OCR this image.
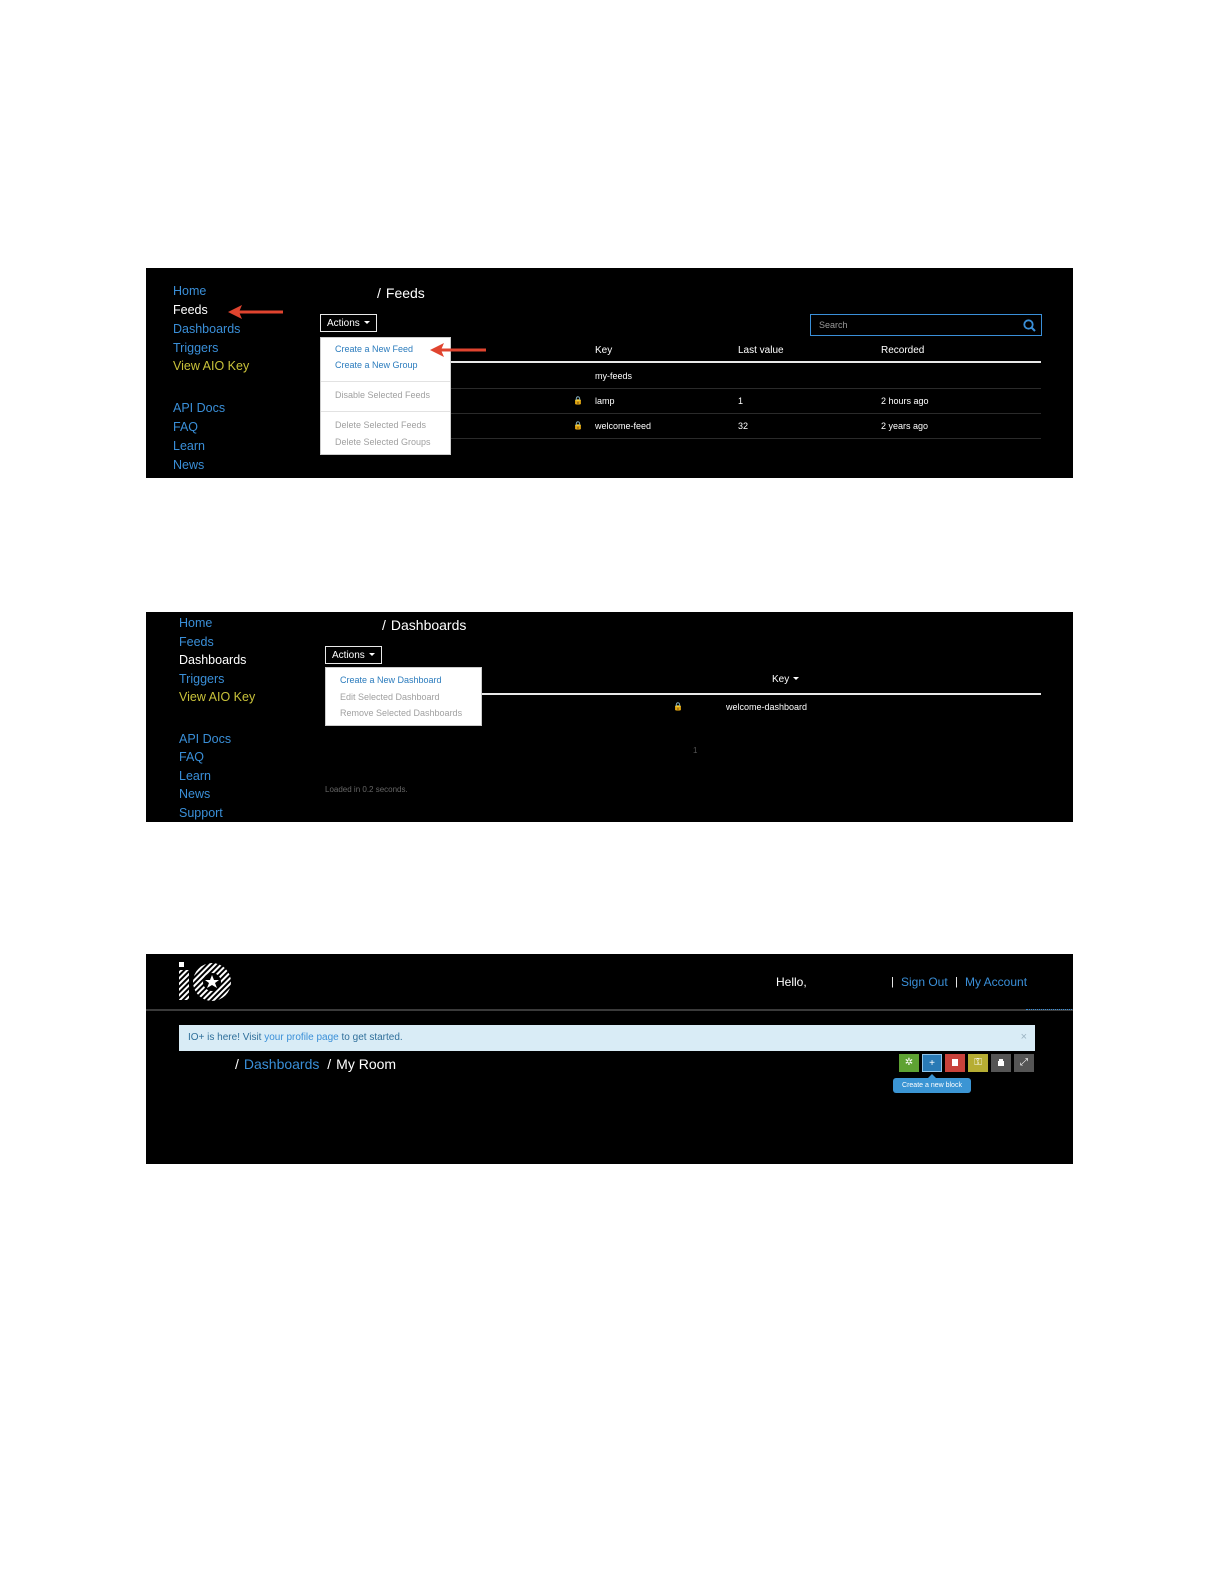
Home
Feeds
Dashboards
Triggers
View AIO Key
API Docs
FAQ
Learn
News
/ Feeds
Actions	Search
Key	Last value	Recorded
my-feeds
🔒 lamp	1	2 hours ago
🔒 welcome-feed	32	2 years ago
Create a New Feed
Create a New Group
Disable Selected Feeds
Delete Selected Feeds
Delete Selected Groups
Home
Feeds
Dashboards
Triggers
View AIO Key
API Docs
FAQ
Learn
News
Support
/ Dashboards
Actions
Key
🔒	welcome-dashboard
1
Loaded in 0.2 seconds.
Create a New Dashboard
Edit Selected Dashboard
Remove Selected Dashboards
Hello,	| Sign Out | My Account
IO+ is here! Visit your profile page to get started.	×
/ Dashboards / My Room	✲	+	⚿	⤢
Create a new block
